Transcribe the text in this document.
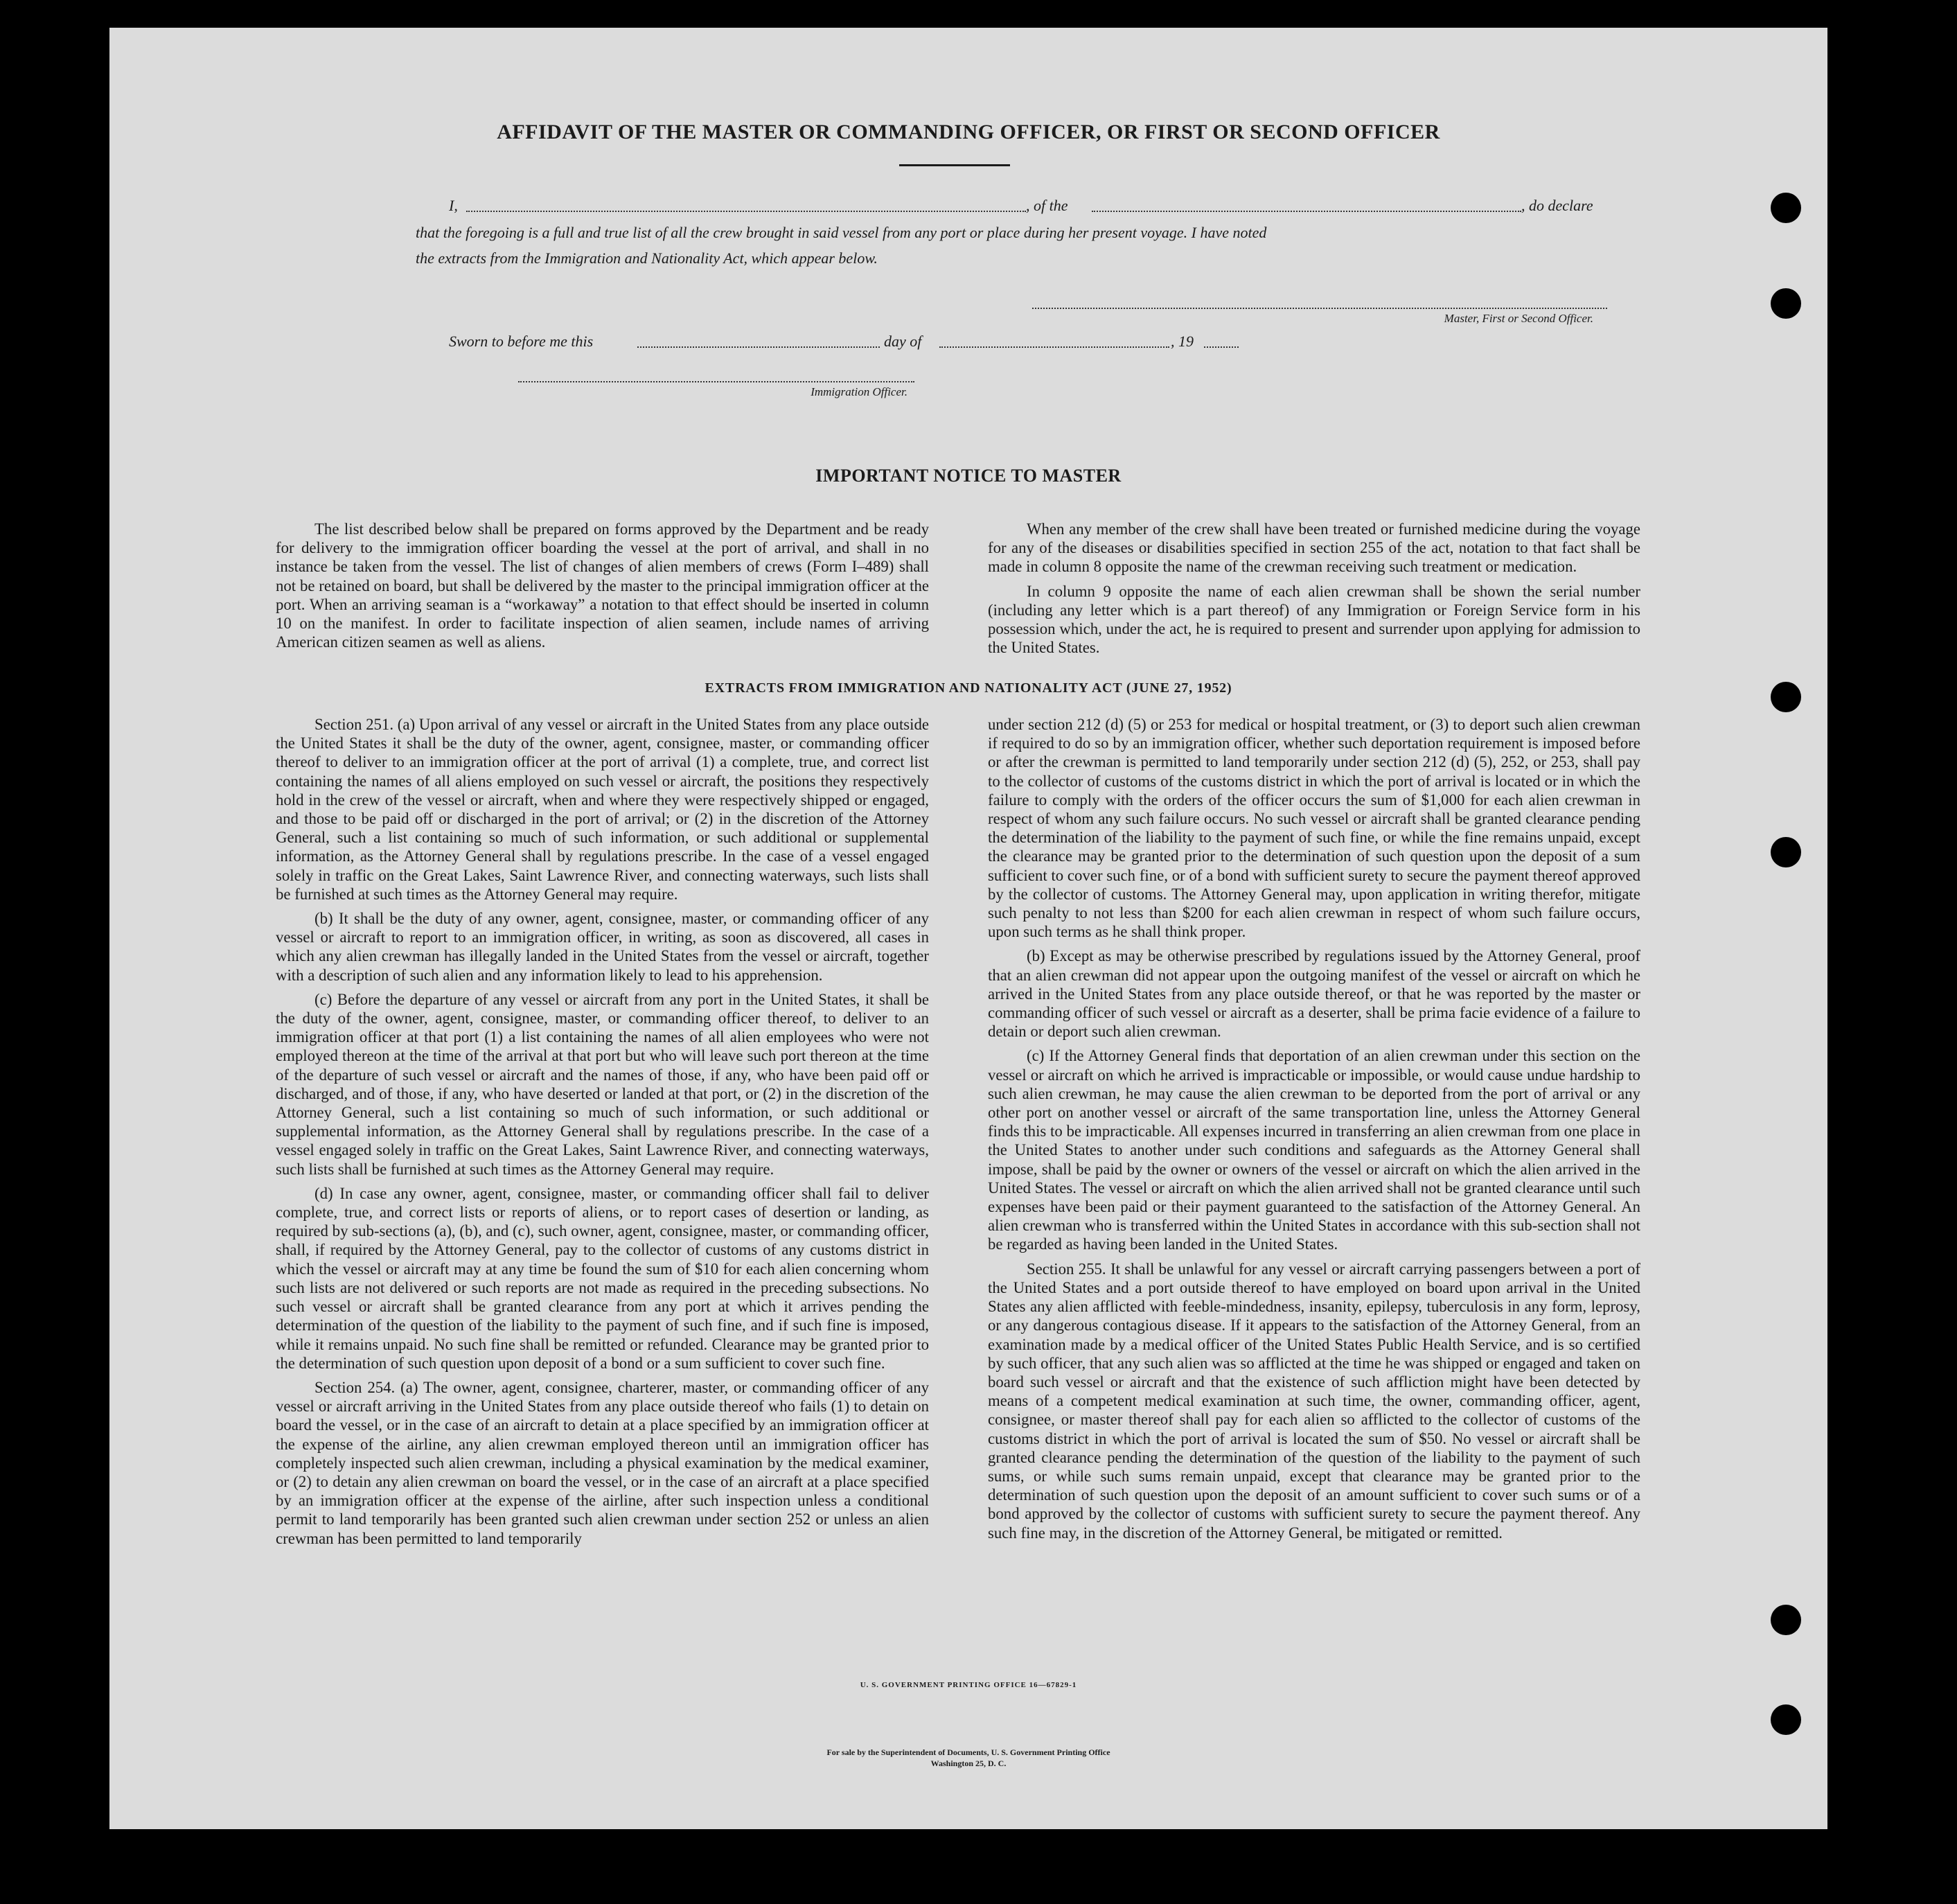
AFFIDAVIT OF THE MASTER OR COMMANDING OFFICER, OR FIRST OR SECOND OFFICER
I,	, of the	, do declare
that the foregoing is a full and true list of all the crew brought in said vessel from any port or place during her present voyage. I have noted
the extracts from the Immigration and Nationality Act, which appear below.
Master, First or Second Officer.
Sworn to before me this	day of	, 19
Immigration Officer.
IMPORTANT NOTICE TO MASTER

The list described below shall be prepared on forms approved by the Department and be ready for delivery to the immigration officer boarding the vessel at the port of arrival, and shall in no instance be taken from the vessel. The list of changes of alien members of crews (Form I–489) shall not be retained on board, but shall be delivered by the master to the principal immigration officer at the port. When an arriving seaman is a “workaway” a notation to that effect should be inserted in column 10 on the manifest. In order to facilitate inspection of alien seamen, include names of arriving American citizen seamen as well as aliens.

When any member of the crew shall have been treated or furnished medicine during the voyage for any of the diseases or disabilities specified in section 255 of the act, notation to that fact shall be made in column 8 opposite the name of the crewman receiving such treatment or medication.

In column 9 opposite the name of each alien crewman shall be shown the serial number (including any letter which is a part thereof) of any Immigration or Foreign Service form in his possession which, under the act, he is required to present and surrender upon applying for admission to the United States.

EXTRACTS FROM IMMIGRATION AND NATIONALITY ACT (JUNE 27, 1952)

Section 251. (a) Upon arrival of any vessel or aircraft in the United States from any place outside the United States it shall be the duty of the owner, agent, consignee, master, or commanding officer thereof to deliver to an immigration officer at the port of arrival (1) a complete, true, and correct list containing the names of all aliens employed on such vessel or aircraft, the positions they respectively hold in the crew of the vessel or aircraft, when and where they were respectively shipped or engaged, and those to be paid off or discharged in the port of arrival; or (2) in the discretion of the Attorney General, such a list containing so much of such information, or such additional or supplemental information, as the Attorney General shall by regulations prescribe. In the case of a vessel engaged solely in traffic on the Great Lakes, Saint Lawrence River, and connecting waterways, such lists shall be furnished at such times as the Attorney General may require.

(b) It shall be the duty of any owner, agent, consignee, master, or commanding officer of any vessel or aircraft to report to an immigration officer, in writing, as soon as discovered, all cases in which any alien crewman has illegally landed in the United States from the vessel or aircraft, together with a description of such alien and any information likely to lead to his apprehension.

(c) Before the departure of any vessel or aircraft from any port in the United States, it shall be the duty of the owner, agent, consignee, master, or commanding officer thereof, to deliver to an immigration officer at that port (1) a list containing the names of all alien employees who were not employed thereon at the time of the arrival at that port but who will leave such port thereon at the time of the departure of such vessel or aircraft and the names of those, if any, who have been paid off or discharged, and of those, if any, who have deserted or landed at that port, or (2) in the discretion of the Attorney General, such a list containing so much of such information, or such additional or supplemental information, as the Attorney General shall by regulations prescribe. In the case of a vessel engaged solely in traffic on the Great Lakes, Saint Lawrence River, and connecting waterways, such lists shall be furnished at such times as the Attorney General may require.

(d) In case any owner, agent, consignee, master, or commanding officer shall fail to deliver complete, true, and correct lists or reports of aliens, or to report cases of desertion or landing, as required by sub-sections (a), (b), and (c), such owner, agent, consignee, master, or commanding officer, shall, if required by the Attorney General, pay to the collector of customs of any customs district in which the vessel or aircraft may at any time be found the sum of $10 for each alien concerning whom such lists are not delivered or such reports are not made as required in the preceding subsections. No such vessel or aircraft shall be granted clearance from any port at which it arrives pending the determination of the question of the liability to the payment of such fine, and if such fine is imposed, while it remains unpaid. No such fine shall be remitted or refunded. Clearance may be granted prior to the determination of such question upon deposit of a bond or a sum sufficient to cover such fine.

Section 254. (a) The owner, agent, consignee, charterer, master, or commanding officer of any vessel or aircraft arriving in the United States from any place outside thereof who fails (1) to detain on board the vessel, or in the case of an aircraft to detain at a place specified by an immigration officer at the expense of the airline, any alien crewman employed thereon until an immigration officer has completely inspected such alien crewman, including a physical examination by the medical examiner, or (2) to detain any alien crewman on board the vessel, or in the case of an aircraft at a place specified by an immigration officer at the expense of the airline, after such inspection unless a conditional permit to land temporarily has been granted such alien crewman under section 252 or unless an alien crewman has been permitted to land temporarily

under section 212 (d) (5) or 253 for medical or hospital treatment, or (3) to deport such alien crewman if required to do so by an immigration officer, whether such deportation requirement is imposed before or after the crewman is permitted to land temporarily under section 212 (d) (5), 252, or 253, shall pay to the collector of customs of the customs district in which the port of arrival is located or in which the failure to comply with the orders of the officer occurs the sum of $1,000 for each alien crewman in respect of whom any such failure occurs. No such vessel or aircraft shall be granted clearance pending the determination of the liability to the payment of such fine, or while the fine remains unpaid, except the clearance may be granted prior to the determination of such question upon the deposit of a sum sufficient to cover such fine, or of a bond with sufficient surety to secure the payment thereof approved by the collector of customs. The Attorney General may, upon application in writing therefor, mitigate such penalty to not less than $200 for each alien crewman in respect of whom such failure occurs, upon such terms as he shall think proper.

(b) Except as may be otherwise prescribed by regulations issued by the Attorney General, proof that an alien crewman did not appear upon the outgoing manifest of the vessel or aircraft on which he arrived in the United States from any place outside thereof, or that he was reported by the master or commanding officer of such vessel or aircraft as a deserter, shall be prima facie evidence of a failure to detain or deport such alien crewman.

(c) If the Attorney General finds that deportation of an alien crewman under this section on the vessel or aircraft on which he arrived is impracticable or impossible, or would cause undue hardship to such alien crewman, he may cause the alien crewman to be deported from the port of arrival or any other port on another vessel or aircraft of the same transportation line, unless the Attorney General finds this to be impracticable. All expenses incurred in transferring an alien crewman from one place in the United States to another under such conditions and safeguards as the Attorney General shall impose, shall be paid by the owner or owners of the vessel or aircraft on which the alien arrived in the United States. The vessel or aircraft on which the alien arrived shall not be granted clearance until such expenses have been paid or their payment guaranteed to the satisfaction of the Attorney General. An alien crewman who is transferred within the United States in accordance with this sub-section shall not be regarded as having been landed in the United States.

Section 255. It shall be unlawful for any vessel or aircraft carrying passengers between a port of the United States and a port outside thereof to have employed on board upon arrival in the United States any alien afflicted with feeble-mindedness, insanity, epilepsy, tuberculosis in any form, leprosy, or any dangerous contagious disease. If it appears to the satisfaction of the Attorney General, from an examination made by a medical officer of the United States Public Health Service, and is so certified by such officer, that any such alien was so afflicted at the time he was shipped or engaged and taken on board such vessel or aircraft and that the existence of such affliction might have been detected by means of a competent medical examination at such time, the owner, commanding officer, agent, consignee, or master thereof shall pay for each alien so afflicted to the collector of customs of the customs district in which the port of arrival is located the sum of $50. No vessel or aircraft shall be granted clearance pending the determination of the question of the liability to the payment of such sums, or while such sums remain unpaid, except that clearance may be granted prior to the determination of such question upon the deposit of an amount sufficient to cover such sums or of a bond approved by the collector of customs with sufficient surety to secure the payment thereof. Any such fine may, in the discretion of the Attorney General, be mitigated or remitted.

U. S. GOVERNMENT PRINTING OFFICE 16—67829-1
For sale by the Superintendent of Documents, U. S. Government Printing Office
Washington 25, D. C.
